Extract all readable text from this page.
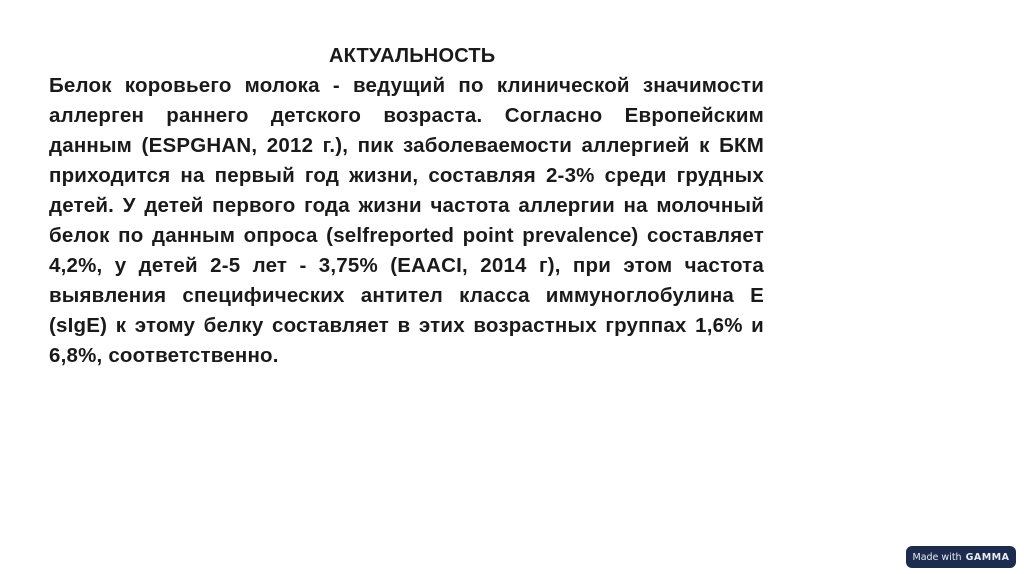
АКТУАЛЬНОСТЬ

Белок коровьего молока - ведущий по клинической значимости аллерген раннего детского возраста. Согласно Европейским данным (ESPGHAN, 2012 г.), пик заболеваемости аллергией к БКМ приходится на первый год жизни, составляя 2-3% среди грудных детей. У детей первого года жизни частота аллергии на молочный белок по данным опроса (selfreported point prevalence) составляет 4,2%, у детей 2-5 лет - 3,75% (EAACI, 2014 г), при этом частота выявления специфических антител класса иммуноглобулина Е (sIgE) к этому белку составляет в этих возрастных группах 1,6% и 6,8%, соответственно.

Made with GAMMA
